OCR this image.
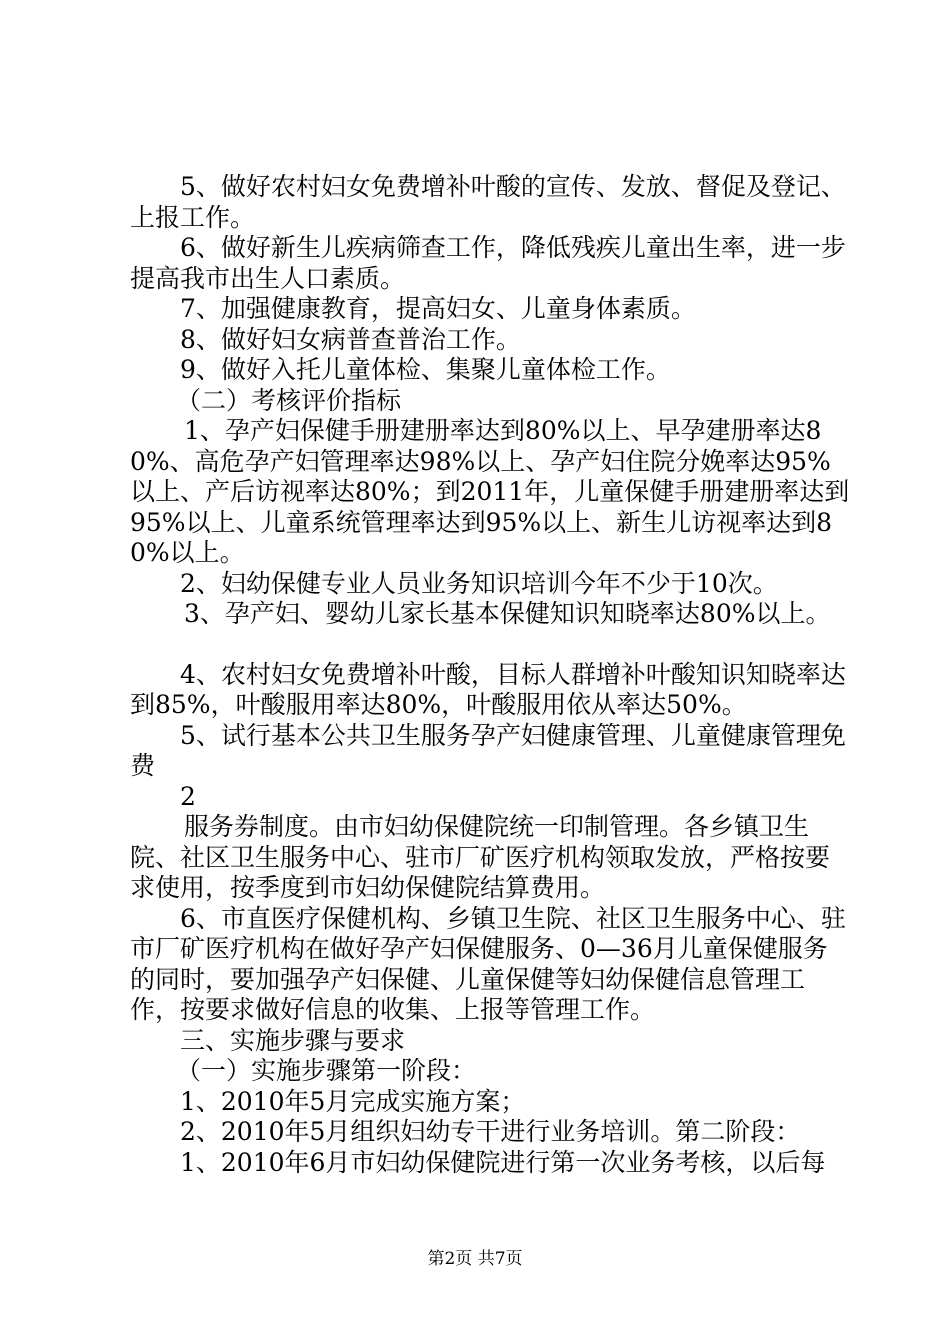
5、做好农村妇女免费增补叶酸的宣传、发放、督促及登记、上报工作。

6、做好新生儿疾病筛查工作，降低残疾儿童出生率，进一步提高我市出生人口素质。

7、加强健康教育，提高妇女、儿童身体素质。

8、做好妇女病普查普治工作。

9、做好入托儿童体检、集聚儿童体检工作。

（二）考核评价指标

1、孕产妇保健手册建册率达到80%以上、早孕建册率达80%、高危孕产妇管理率达98%以上、孕产妇住院分娩率达95%以上、产后访视率达80%；到2011年，儿童保健手册建册率达到95%以上、儿童系统管理率达到95%以上、新生儿访视率达到80%以上。

2、妇幼保健专业人员业务知识培训今年不少于10次。

3、孕产妇、婴幼儿家长基本保健知识知晓率达80%以上。

4、农村妇女免费增补叶酸，目标人群增补叶酸知识知晓率达到85%，叶酸服用率达80%，叶酸服用依从率达50%。

5、试行基本公共卫生服务孕产妇健康管理、儿童健康管理免费

2

服务券制度。由市妇幼保健院统一印制管理。各乡镇卫生院、社区卫生服务中心、驻市厂矿医疗机构领取发放，严格按要求使用，按季度到市妇幼保健院结算费用。

6、市直医疗保健机构、乡镇卫生院、社区卫生服务中心、驻市厂矿医疗机构在做好孕产妇保健服务、0—36月儿童保健服务的同时，要加强孕产妇保健、儿童保健等妇幼保健信息管理工作，按要求做好信息的收集、上报等管理工作。

三、实施步骤与要求

（一）实施步骤第一阶段：

1、2010年5月完成实施方案；

2、2010年5月组织妇幼专干进行业务培训。第二阶段：

1、2010年6月市妇幼保健院进行第一次业务考核，以后每

第2页 共7页
